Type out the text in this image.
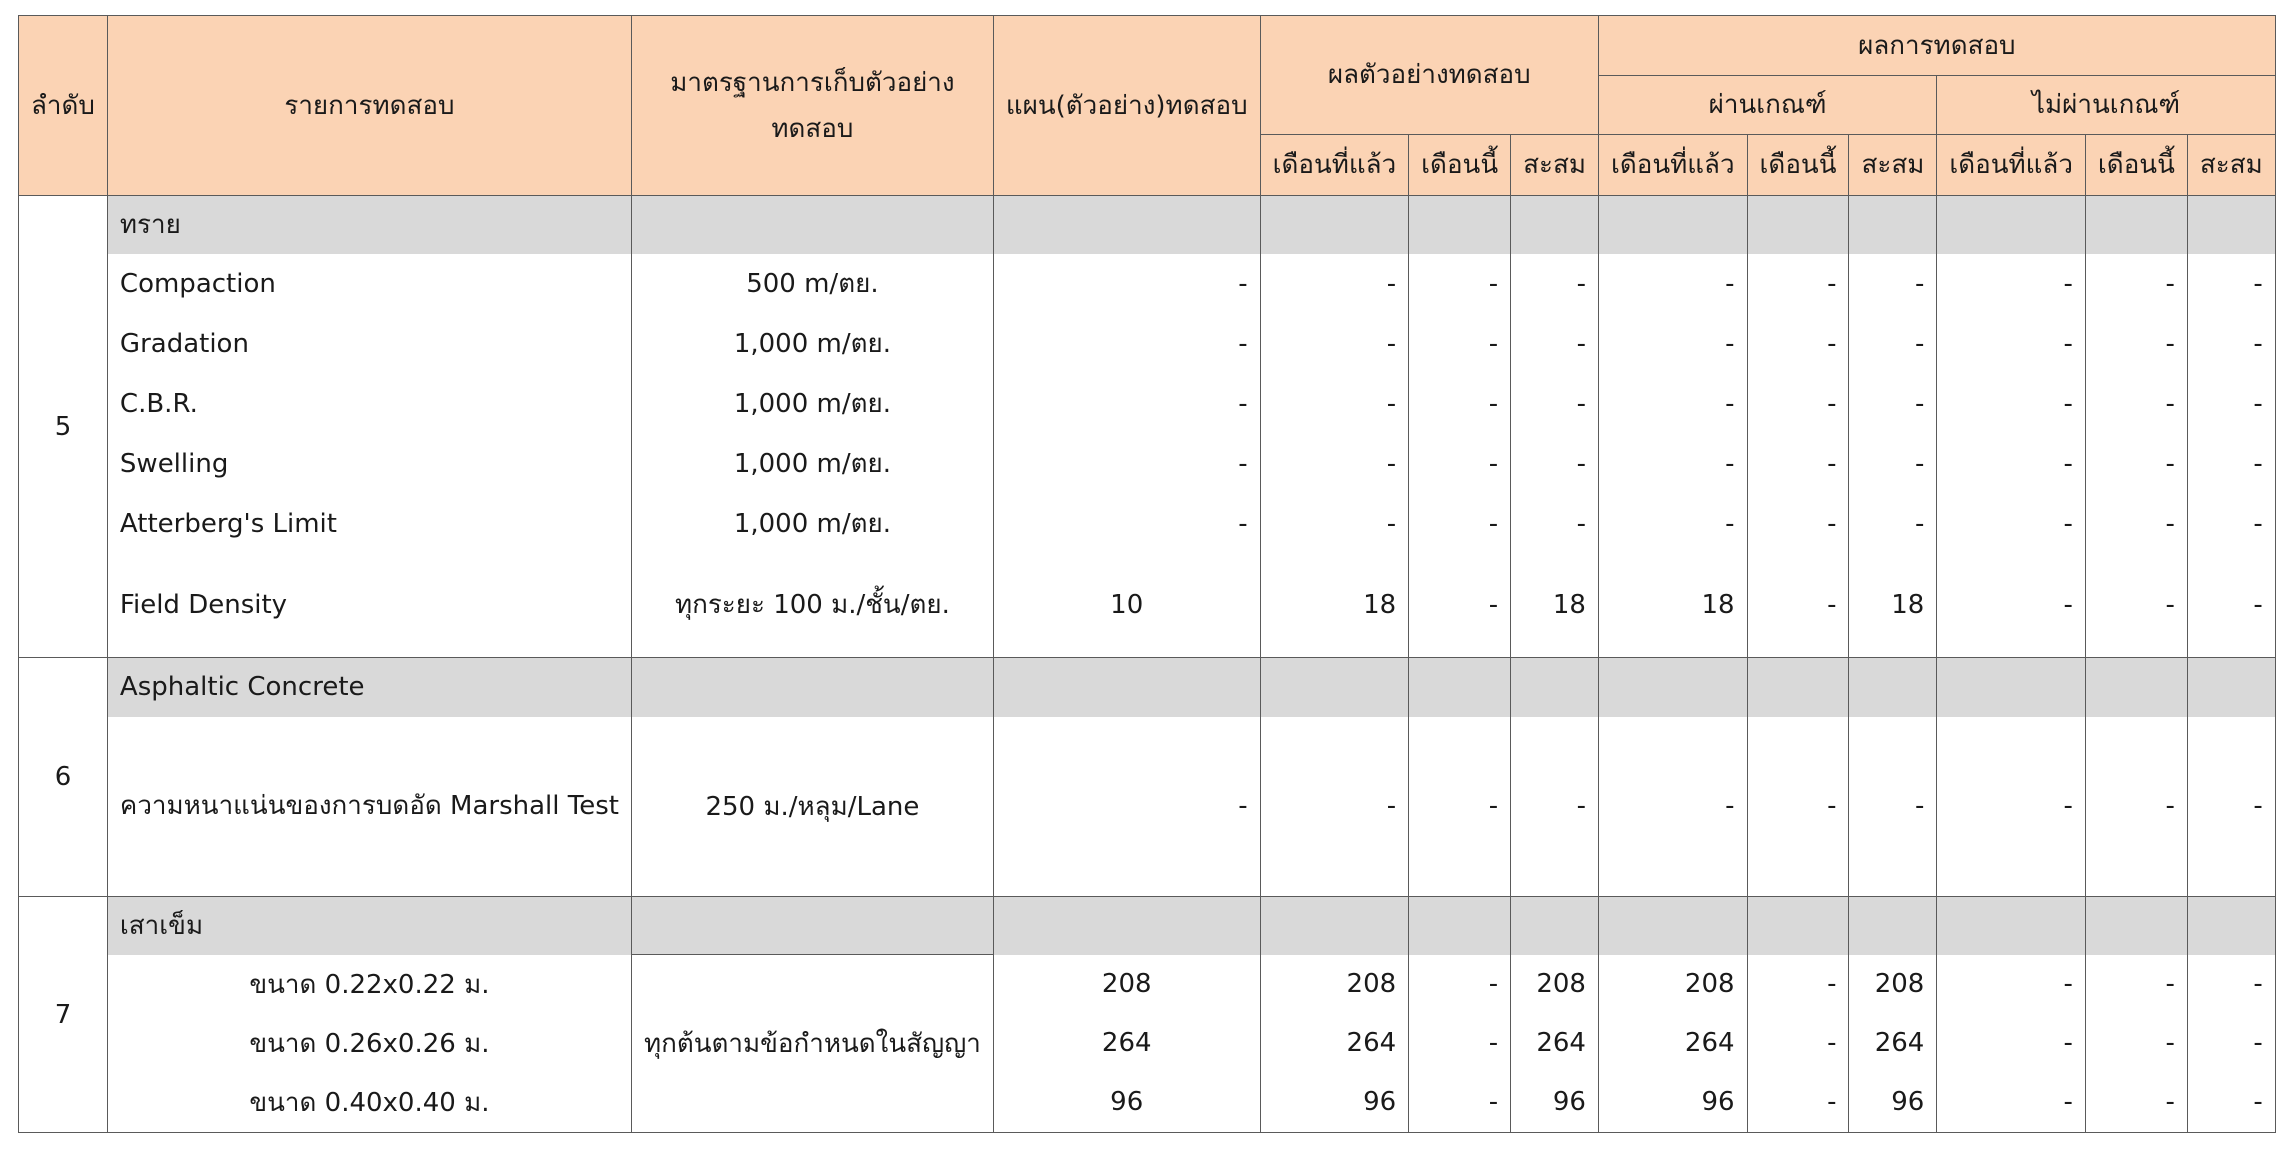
ลำดับ	รายการทดสอบ	มาตรฐานการเก็บตัวอย่างทดสอบ	แผน(ตัวอย่าง)ทดสอบ	ผลตัวอย่างทดสอบ			ผลการทดสอบ					
							ผ่านเกณฑ์			ไม่ผ่านเกณฑ์		
				เดือนที่แล้ว	เดือนนี้	สะสม	เดือนที่แล้ว	เดือนนี้	สะสม	เดือนที่แล้ว	เดือนนี้	สะสม
5	ทราย											
	Compaction	500 m/ตย.	-	-	-	-	-	-	-	-	-	-
	Gradation	1,000 m/ตย.	-	-	-	-	-	-	-	-	-	-
	C.B.R.	1,000 m/ตย.	-	-	-	-	-	-	-	-	-	-
	Swelling	1,000 m/ตย.	-	-	-	-	-	-	-	-	-	-
	Atterberg's Limit	1,000 m/ตย.	-	-	-	-	-	-	-	-	-	-
	Field Density	ทุกระยะ 100 ม./ชั้น/ตย.	10	18	-	18	18	-	18	-	-	-
6	Asphaltic Concrete											
	ความหนาแน่นของการบดอัด Marshall Test	250 ม./หลุม/Lane	-	-	-	-	-	-	-	-	-	-
7	เสาเข็ม											
	ขนาด 0.22x0.22 ม.	ทุกต้นตามข้อกำหนดในสัญญา	208	208	-	208	208	-	208	-	-	-
	ขนาด 0.26x0.26 ม.		264	264	-	264	264	-	264	-	-	-
	ขนาด 0.40x0.40 ม.		96	96	-	96	96	-	96	-	-	-
